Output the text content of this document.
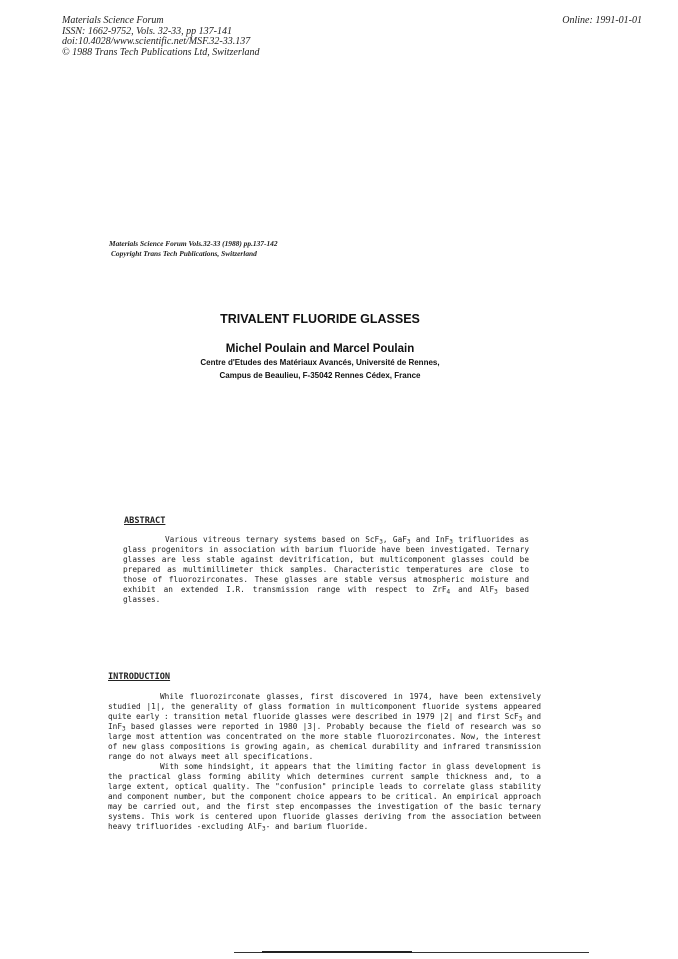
Materials Science Forum
ISSN: 1662-9752, Vols. 32-33, pp 137-141
doi:10.4028/www.scientific.net/MSF.32-33.137
© 1988 Trans Tech Publications Ltd, Switzerland
Online: 1991-01-01
Materials Science Forum Vols.32-33 (1988) pp.137-142
Copyright Trans Tech Publications, Switzerland
TRIVALENT FLUORIDE GLASSES
Michel Poulain and Marcel Poulain
Centre d'Etudes des Matériaux Avancés, Université de Rennes,
Campus de Beaulieu, F-35042 Rennes Cédex, France
ABSTRACT

Various vitreous ternary systems based on ScF$_3$, GaF$_3$ and InF$_3$ trifluorides as glass progenitors in association with barium fluoride have been investigated. Ternary glasses are less stable against devitrification, but multicomponent glasses could be prepared as multimillimeter thick samples. Characteristic temperatures are close to those of fluorozirconates. These glasses are stable versus atmospheric moisture and exhibit an extended I.R. transmission range with respect to ZrF$_4$ and AlF$_3$ based glasses.

INTRODUCTION

While fluorozirconate glasses, first discovered in 1974, have been extensively studied |1|, the generality of glass formation in multicomponent fluoride systems appeared quite early : transition metal fluoride glasses were described in 1979 |2| and first ScF$_3$ and InF$_3$ based glasses were reported in 1980 |3|. Probably because the field of research was so large most attention was concentrated on the more stable fluorozirconates. Now, the interest of new glass compositions is growing again, as chemical durability and infrared transmission range do not always meet all specifications.

With some hindsight, it appears that the limiting factor in glass development is the practical glass forming ability which determines current sample thickness and, to a large extent, optical quality. The "confusion" principle leads to correlate glass stability and component number, but the component choice appears to be critical. An empirical approach may be carried out, and the first step encompasses the investigation of the basic ternary systems. This work is centered upon fluoride glasses deriving from the association between heavy trifluorides -excluding AlF$_3$- and barium fluoride.
